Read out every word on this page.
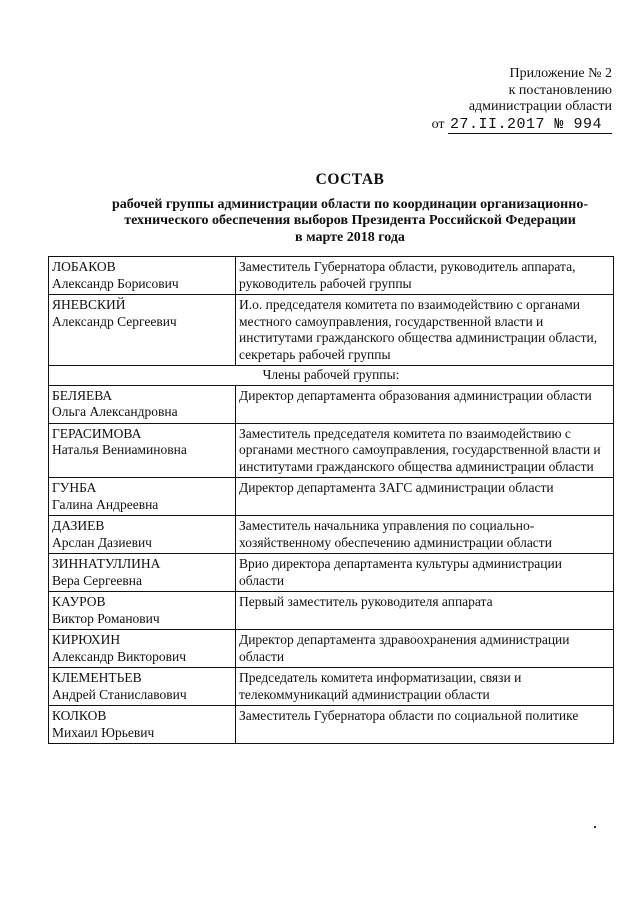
Приложение № 2
к постановлению
администрации области
от 27.II.2017 № 994
СОСТАВ
рабочей группы администрации области по координации организационно-
технического обеспечения выборов Президента Российской Федерации
в марте 2018 года
ЛОБАКОВ
Александр Борисович	Заместитель Губернатора области, руководитель аппарата, руководитель рабочей группы

ЯНЕВСКИЙ
Александр Сергеевич	И.о. председателя комитета по взаимодействию с органами местного самоуправления, государственной власти и институтами гражданского общества администрации области, секретарь рабочей группы
Члены рабочей группы:	

БЕЛЯЕВА
Ольга Александровна	Директор департамента образования администрации области

ГЕРАСИМОВА
Наталья Вениаминовна	Заместитель председателя комитета по взаимодействию с органами местного самоуправления, государственной власти и институтами гражданского общества администрации области

ГУНБА
Галина Андреевна	Директор департамента ЗАГС администрации области

ДАЗИЕВ
Арслан Дазиевич	Заместитель начальника управления по социально-хозяйственному обеспечению администрации области

ЗИННАТУЛЛИНА
Вера Сергеевна	Врио директора департамента культуры администрации области

КАУРОВ
Виктор Романович	Первый заместитель руководителя аппарата

КИРЮХИН
Александр Викторович	Директор департамента здравоохранения администрации области

КЛЕМЕНТЬЕВ
Андрей Станиславович	Председатель комитета информатизации, связи и телекоммуникаций администрации области

КОЛКОВ
Михаил Юрьевич	Заместитель Губернатора области по социальной политике
